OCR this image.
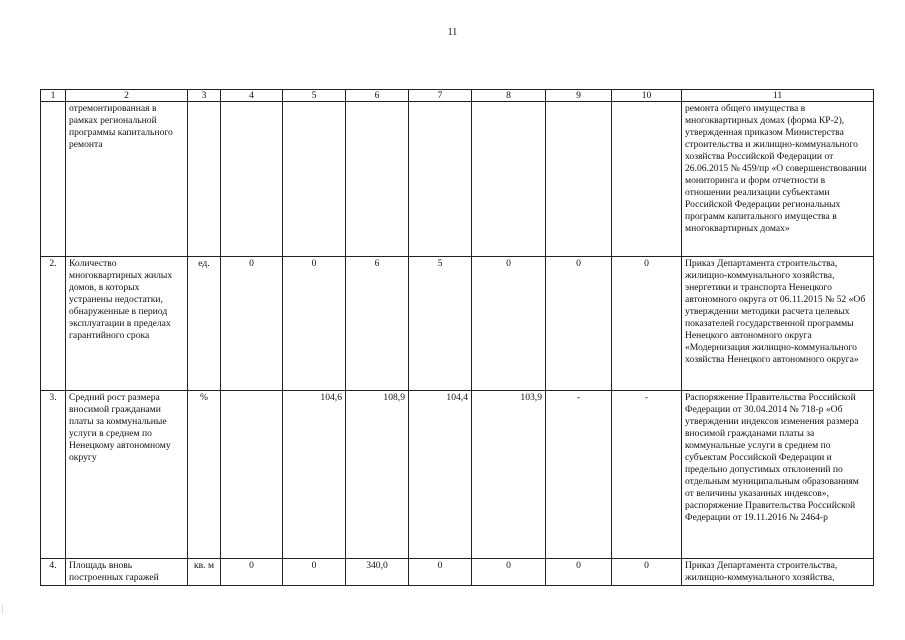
11
1	2	3	4	5	6	7	8	9	10	11
	отремонтированная в рамках региональной программы капитального ремонта									ремонта общего имущества в многоквартирных домах (форма КР-2), утвержденная приказом Министерства строительства и жилищно-коммунального хозяйства Российской Федерации от 26.06.2015 № 459/пр «О совершенствовании мониторинга и форм отчетности в отношении реализации субъектами Российской Федерации региональных программ капитального имущества в многоквартирных домах»
2.	Количество многоквартирных жилых домов, в которых устранены недостатки, обнаруженные в период эксплуатации в пределах гарантийного срока	ед.	0	0	6	5	0	0	0	Приказ Департамента строительства, жилищно-коммунального хозяйства, энергетики и транспорта Ненецкого автономного округа от 06.11.2015 № 52 «Об утверждении методики расчета целевых показателей государственной программы Ненецкого автономного округа «Модернизация жилищно-коммунального хозяйства Ненецкого автономного округа»
3.	Средний рост размера вносимой гражданами платы за коммунальные услуги в среднем по Ненецкому автономному округу	%		104,6	108,9	104,4	103,9	-	-	Распоряжение Правительства Российской Федерации от 30.04.2014 № 718-р «Об утверждении индексов изменения размера вносимой гражданами платы за коммунальные услуги в среднем по субъектам Российской Федерации и предельно допустимых отклонений по отдельным муниципальным образованиям от величины указанных индексов», распоряжение Правительства Российской Федерации от 19.11.2016 № 2464-р
4.	Площадь вновь построенных гаражей	кв. м	0	0	340,0	0	0	0	0	Приказ Департамента строительства, жилищно-коммунального хозяйства,
